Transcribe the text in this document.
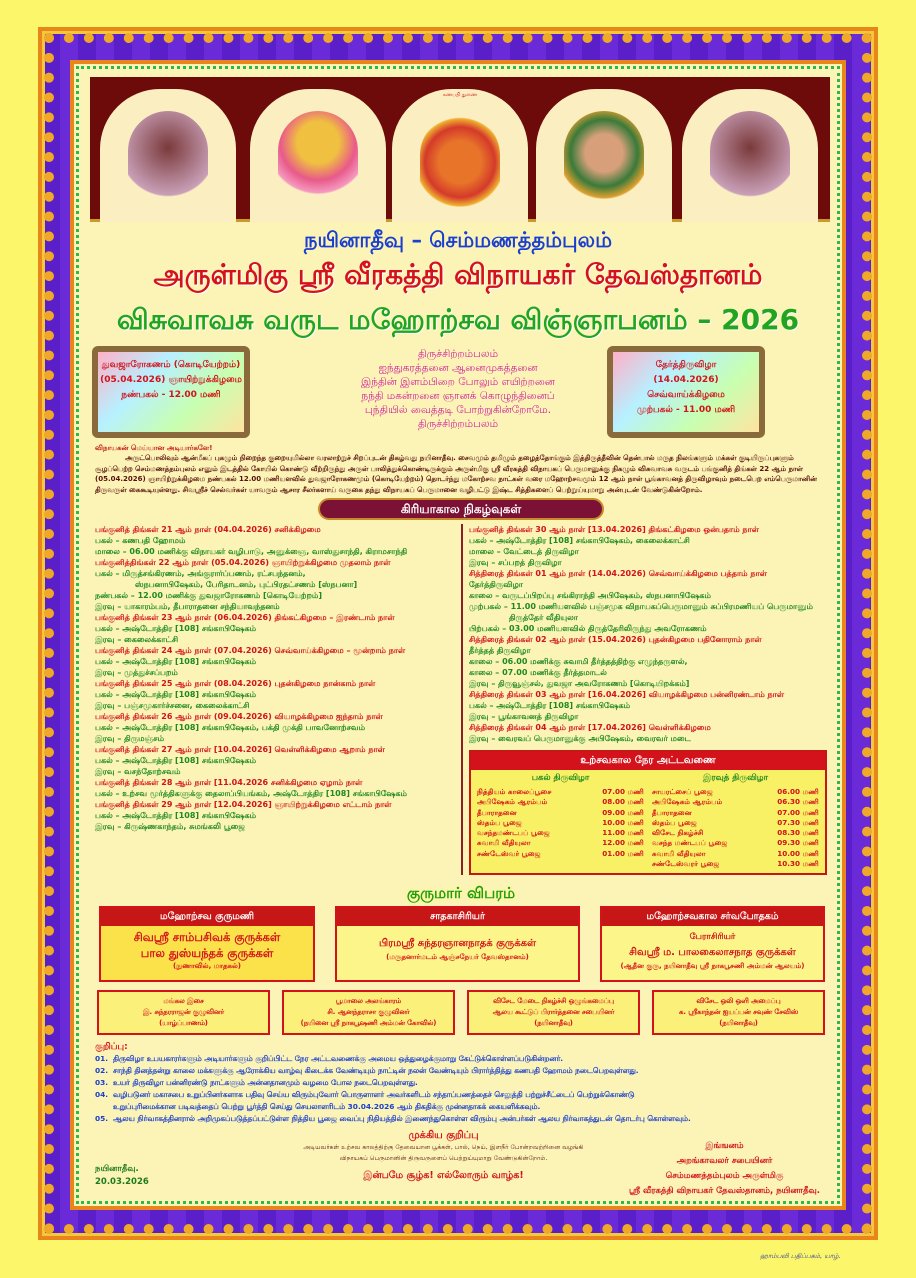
கணபதி துணை
நயினாதீவு – செம்மணத்தம்புலம்
அருள்மிகு ஸ்ரீ வீரகத்தி விநாயகர் தேவஸ்தானம்
விசுவாவசு வருட மஹோற்சவ விஞ்ஞாபனம் – 2026
துவஜாரோகணம் (கொடியேற்றம்)
(05.04.2026) ஞாயிற்றுக்கிழமை
நண்பகல் - 12.00 மணி
தேர்த்திருவிழா
(14.04.2026) செவ்வாய்க்கிழமை
முற்பகல் - 11.00 மணி
திருச்சிற்றம்பலம்
ஐந்துகரத்தனை ஆனைமுகத்தனை
இந்தின் இளம்பிறை போலும் எயிற்றனை
நந்தி மகன்றனை ஞானக் கொழுந்தினைப்
புந்தியில் வைத்தடி போற்றுகின்றோமே.
திருச்சிற்றம்பலம்
விநாயகன் மெய்யான அடியார்களே!
அருட்பொலிவும் ஆன்மீகப் புகழும் நிறைந்த குறையுமில்லா வரலாற்றுச் சிறப்புடன் திகழ்வது நயினாதீவு. சைவமும் தமிழும் தழைத்தோங்கும் இத்திருத்தீவின் தென்பால் மருத நிலங்களும் மக்கள் குடியிருப்புகளும் சூழப்பெற்ற செம்மணத்தம்புலம் எனும் இடத்தில் கோயில் கொண்டு வீற்றிருந்து அருள் பாலித்துக்கொண்டிருக்கும் அருள்மிகு ஸ்ரீ வீரகத்தி விநாயகப் பெருமானுக்கு நிகழும் விசுவாவசு வருடம் பங்குனித் திங்கள் 22 ஆம் நாள் (05.04.2026) ஞாயிற்றுக்கிழமை நண்பகல் 12.00 மணியளவில் துவஜாரோகணமும் (கொடியேற்றம்) தொடர்ந்து மகோற்சவ நாட்கள் வரை மஹோற்சவமும் 12 ஆம் நாள் பூங்காவனத் திருவிழாவும் நடைபெற எம்பெருமானின் திருவருள் கைகூடியுள்ளது. சிவஸ்ரீச் செல்வர்கள் யாவரும் ஆசார சீலர்களாய் வருகை தந்து விநாயகப் பெருமானை வழிபட்டு இஷ்ட சித்திகளைப் பெற்றுய்யுமாறு அன்புடன் வேண்டுகின்றோம்.
கிரியாகால நிகழ்வுகள்
பங்குனித் திங்கள் 21 ஆம் நாள் (04.04.2026) சனிக்கிழமை
பகல் – கணபதி ஹோமம்
மாலை – 06.00 மணிக்கு விநாயகர் வழிபாடு, அனுக்ஞை, வாஸ்துசாந்தி, கிராமசாந்தி
பங்குனித்திங்கள் 22 ஆம் நாள் (05.04.2026) ஞாயிற்றுக்கிழமை முதலாம் நாள்
பகல் – மிருத்சங்கிரணம், அங்குரார்ப்பணம், ரட்சபந்தனம்,
ஸ்நபனாபிஷேகம், பேரிதாடனம், புட்பிரதட்சணம் [ஸ்நபனா]
நண்பகல் – 12.00 மணிக்கு துவஜாரோகணம் [கொடியேற்றம்]
இரவு – யாகாரம்பம், தீபாராதனை சந்தியாவந்தனம்
பங்குனித் திங்கள் 23 ஆம் நாள் (06.04.2026) திங்கட்கிழமை – இரண்டாம் நாள்
பகல் – அஷ்டோத்திர [108] சங்காபிஷேகம்
இரவு – கைலைக்காட்சி
பங்குனித் திங்கள் 24 ஆம் நாள் (07.04.2026) செவ்வாய்க்கிழமை – மூன்றாம் நாள்
பகல் – அஷ்டோத்திர [108] சங்காபிஷேகம்
இரவு – முத்துச்சப்பறம்
பங்குனித் திங்கள் 25 ஆம் நாள் (08.04.2026) புதன்கிழமை நான்காம் நாள்
பகல் – அஷ்டோத்திர [108] சங்காபிஷேகம்
இரவு – பஞ்சமுகார்ச்சனை, கைலைக்காட்சி
பங்குனித் திங்கள் 26 ஆம் நாள் (09.04.2026) வியாழக்கிழமை ஐந்தாம் நாள்
பகல் – அஷ்டோத்திர [108] சங்காபிஷேகம், பக்தி முக்தி பாவனோற்சவம்
இரவு – திருமஞ்சம்
பங்குனித் திங்கள் 27 ஆம் நாள் [10.04.2026] வெள்ளிக்கிழமை ஆறாம் நாள்
பகல் – அஷ்டோத்திர [108] சங்காபிஷேகம்
இரவு – வசந்தோற்சவம்
பங்குனித் திங்கள் 28 ஆம் நாள் [11.04.2026 சனிக்கிழமை ஏழாம் நாள்
பகல் – உற்சவ மூர்த்திகளுக்கு தைலாப்பியங்கம், அஷ்டோத்திர [108] சங்காபிஷேகம்
பங்குனித் திங்கள் 29 ஆம் நாள் [12.04.2026] ஞாயிற்றுக்கிழமை எட்டாம் நாள்
பகல் – அஷ்டோத்திர [108] சங்காபிஷேகம்
இரவு – கிருஷ்ணகாந்தம், சுமங்கலி பூஜை
பங்குனித் திங்கள் 30 ஆம் நாள் [13.04.2026] திங்கட்கிழமை ஒன்பதாம் நாள்
பகல் – அஷ்டோத்திர [108] சங்காபிஷேகம், கைலைக்காட்சி
மாலை – வேட்டைத் திருவிழா
இரவு – சப்பறத் திருவிழா
சித்திரைத் திங்கள் 01 ஆம் நாள் (14.04.2026) செவ்வாய்க்கிழமை பத்தாம் நாள்
தேர்த்திருவிழா
காலை – வருடப்பிறப்பு சங்கிராந்தி அபிஷேகம், ஸ்நபனாபிஷேகம்
முற்பகல் – 11.00 மணியளவில் பஞ்சமுக விநாயகப்பெருமானும் சுப்பிரமணியப் பெருமானும்
திருத்தேர் வீதியுலா
பிற்பகல் – 03.00 மணியளவில் திருத்தேரிலிருந்து அவரோகணம்
சித்திரைத் திங்கள் 02 ஆம் நாள் (15.04.2026) புதன்கிழமை பதினோராம் நாள்
தீர்த்தத் திருவிழா
காலை – 06.00 மணிக்கு சுவாமி தீர்த்தத்திற்கு எழுந்தருளல்,
காலை – 07.00 மணிக்கு தீர்த்தமாடல்
இரவு – திருவூஞ்சல், துவஜா அவரோகணம் [கொடியிறக்கம்]
சித்திரைத் திங்கள் 03 ஆம் நாள் [16.04.2026] வியாழக்கிழமை பன்னிரண்டாம் நாள்
பகல் – அஷ்டோத்திர [108] சங்காபிஷேகம்
இரவு – பூங்காவனத் திருவிழா
சித்திரைத் திங்கள் 04 ஆம் நாள் [17.04.2026] வெள்ளிக்கிழமை
இரவு – வைரவப் பெருமானுக்கு அபிஷேகம், வைரவர் மடை
உற்சவகால நேர அட்டவணை
பகல் திருவிழா
நித்தியம் காலைப்பூசை	07.00 மணி
அபிஷேகம் ஆரம்பம்	08.00 மணி
தீபாராதனை	09.00 மணி
ஸ்தம்ப பூஜை	10.00 மணி
வசந்தமண்டபப் பூஜை	11.00 மணி
சுவாமி வீதியுலா	12.00 மணி
சண்டேஸ்வர் பூஜை	01.00 மணி
இரவுத் திருவிழா
சாயரட்சைப் பூஜை	06.00 மணி
அபிஷேகம் ஆரம்பம்	06.30 மணி
தீபாராதனை	07.00 மணி
ஸ்தம்ப பூஜை	07.30 மணி
விசேட நிகழ்ச்சி	08.30 மணி
வசந்த மண்டபப் பூஜை	09.30 மணி
சுவாமி வீதியுலா	10.00 மணி
சண்டேஸ்வரர் பூஜை	10.30 மணி
குருமார் விபரம்
மஹோற்சவ குருமணி
சிவஸ்ரீ சாம்பசிவக் குருக்கள்
பால துஸ்யந்தக் குருக்கள்
(நுணாவில், மாதகல்)
சாதகாசிரியர்
பிரமஸ்ரீ சுந்தரஞானநாதக் குருக்கள்
(மருதனார்மடம் ஆஞ்சநேயர் தேவஸ்தானம்)
மஹோற்சவகால சர்வபோதகம்
பேராசிரியர்
சிவஸ்ரீ ம. பாலகைலாசநாத குருக்கள்
(ஆதீன குரு, நயினாதீவு ஸ்ரீ நாகபூசணி அம்மன் ஆலயம்)
மங்கல இசை
இ. சுந்தரராஜன் குழுவினர்
(யாழ்ப்பாணம்)
பூமாலை அலங்காரம்
சி. ஆனந்தராசா குழுவினர்
(நயினை ஸ்ரீ நாகபூஷணி அம்மன் கோவில்)
விசேட மேடை நிகழ்ச்சி ஒழுங்கமைப்பு
ஆலய கூட்டுப் பிரார்த்தனை சபையினர்
(நயினாதீவு)
விசேட ஒலி ஒளி அமைப்பு
க. ஸ்ரீகாந்தன் ஐயப்பன் சவுண் சேவிஸ்
(நயினாதீவு)
குறிப்பு:
01. திருவிழா உபயகாரர்களும் அடியார்களும் குறிப்பிட்ட நேர அட்டவணைக்கு அமைய ஒத்துழைக்குமாறு கேட்டுக்கொள்ளப்படுகின்றனர்.
02. சாந்தி தினத்தன்று காலை மக்களுக்கு ஆரோக்கிய வாழ்வு கிடைக்க வேண்டியும் நாட்டின் நலன் வேண்டியும் பிரார்த்தித்து கணபதி ஹோமம் நடைபெறவுள்ளது.
03. உயர் திருவிழா பன்னிரண்டு நாட்களும் அன்னதானமும் வழமை போல நடைபெறவுள்ளது.
04. வழிபடுனர் மகாசபை உறுப்பினர்களாக பதிவு செய்ய விரும்புவோர் பொருளாளர் அவர்களிடம் சந்தாப்பணத்தைச் செலுத்தி பற்றுச்சீட்டைப் பெற்றுக்கொண்டு
உறுப்புரிமைக்கான படிவத்தைப் பெற்று பூர்த்தி செய்து செயலாளரிடம் 30.04.2026 ஆம் திகதிக்கு முன்னதாகக் கையளிக்கவும்.
05. ஆலய நிர்வாகத்தினரால் அறிமுகப்படுத்தப்பட்டுள்ள நித்திய பூஜை வைப்பு நிதியத்தில் இணைந்துகொள்ள விரும்பு அன்பர்கள் ஆலய நிர்வாகத்துடன் தொடர்பு கொள்ளவும்.
நயினாதீவு.
20.03.2026
முக்கிய குறிப்பு
அடியவர்கள் உற்சவ காலத்திற்கு தேவையான பூக்கள், பால், நெய், இளநீர் போன்றவற்றினை வழங்கி
விநாயகப் பெருமானின் திருவருளைப் பெற்றுய்யுமாறு வேண்டுகின்றோம்.
இன்பமே சூழ்க! எல்லோரும் வாழ்க!
இங்ஙனம்
அறங்காவலர் சபையினர்
செம்மணத்தம்புலம் அருள்மிகு
ஸ்ரீ வீரகத்தி விநாயகர் தேவஸ்தானம், நயினாதீவு.
ஹாம்பவி பதிப்பகம், யாழ்.
